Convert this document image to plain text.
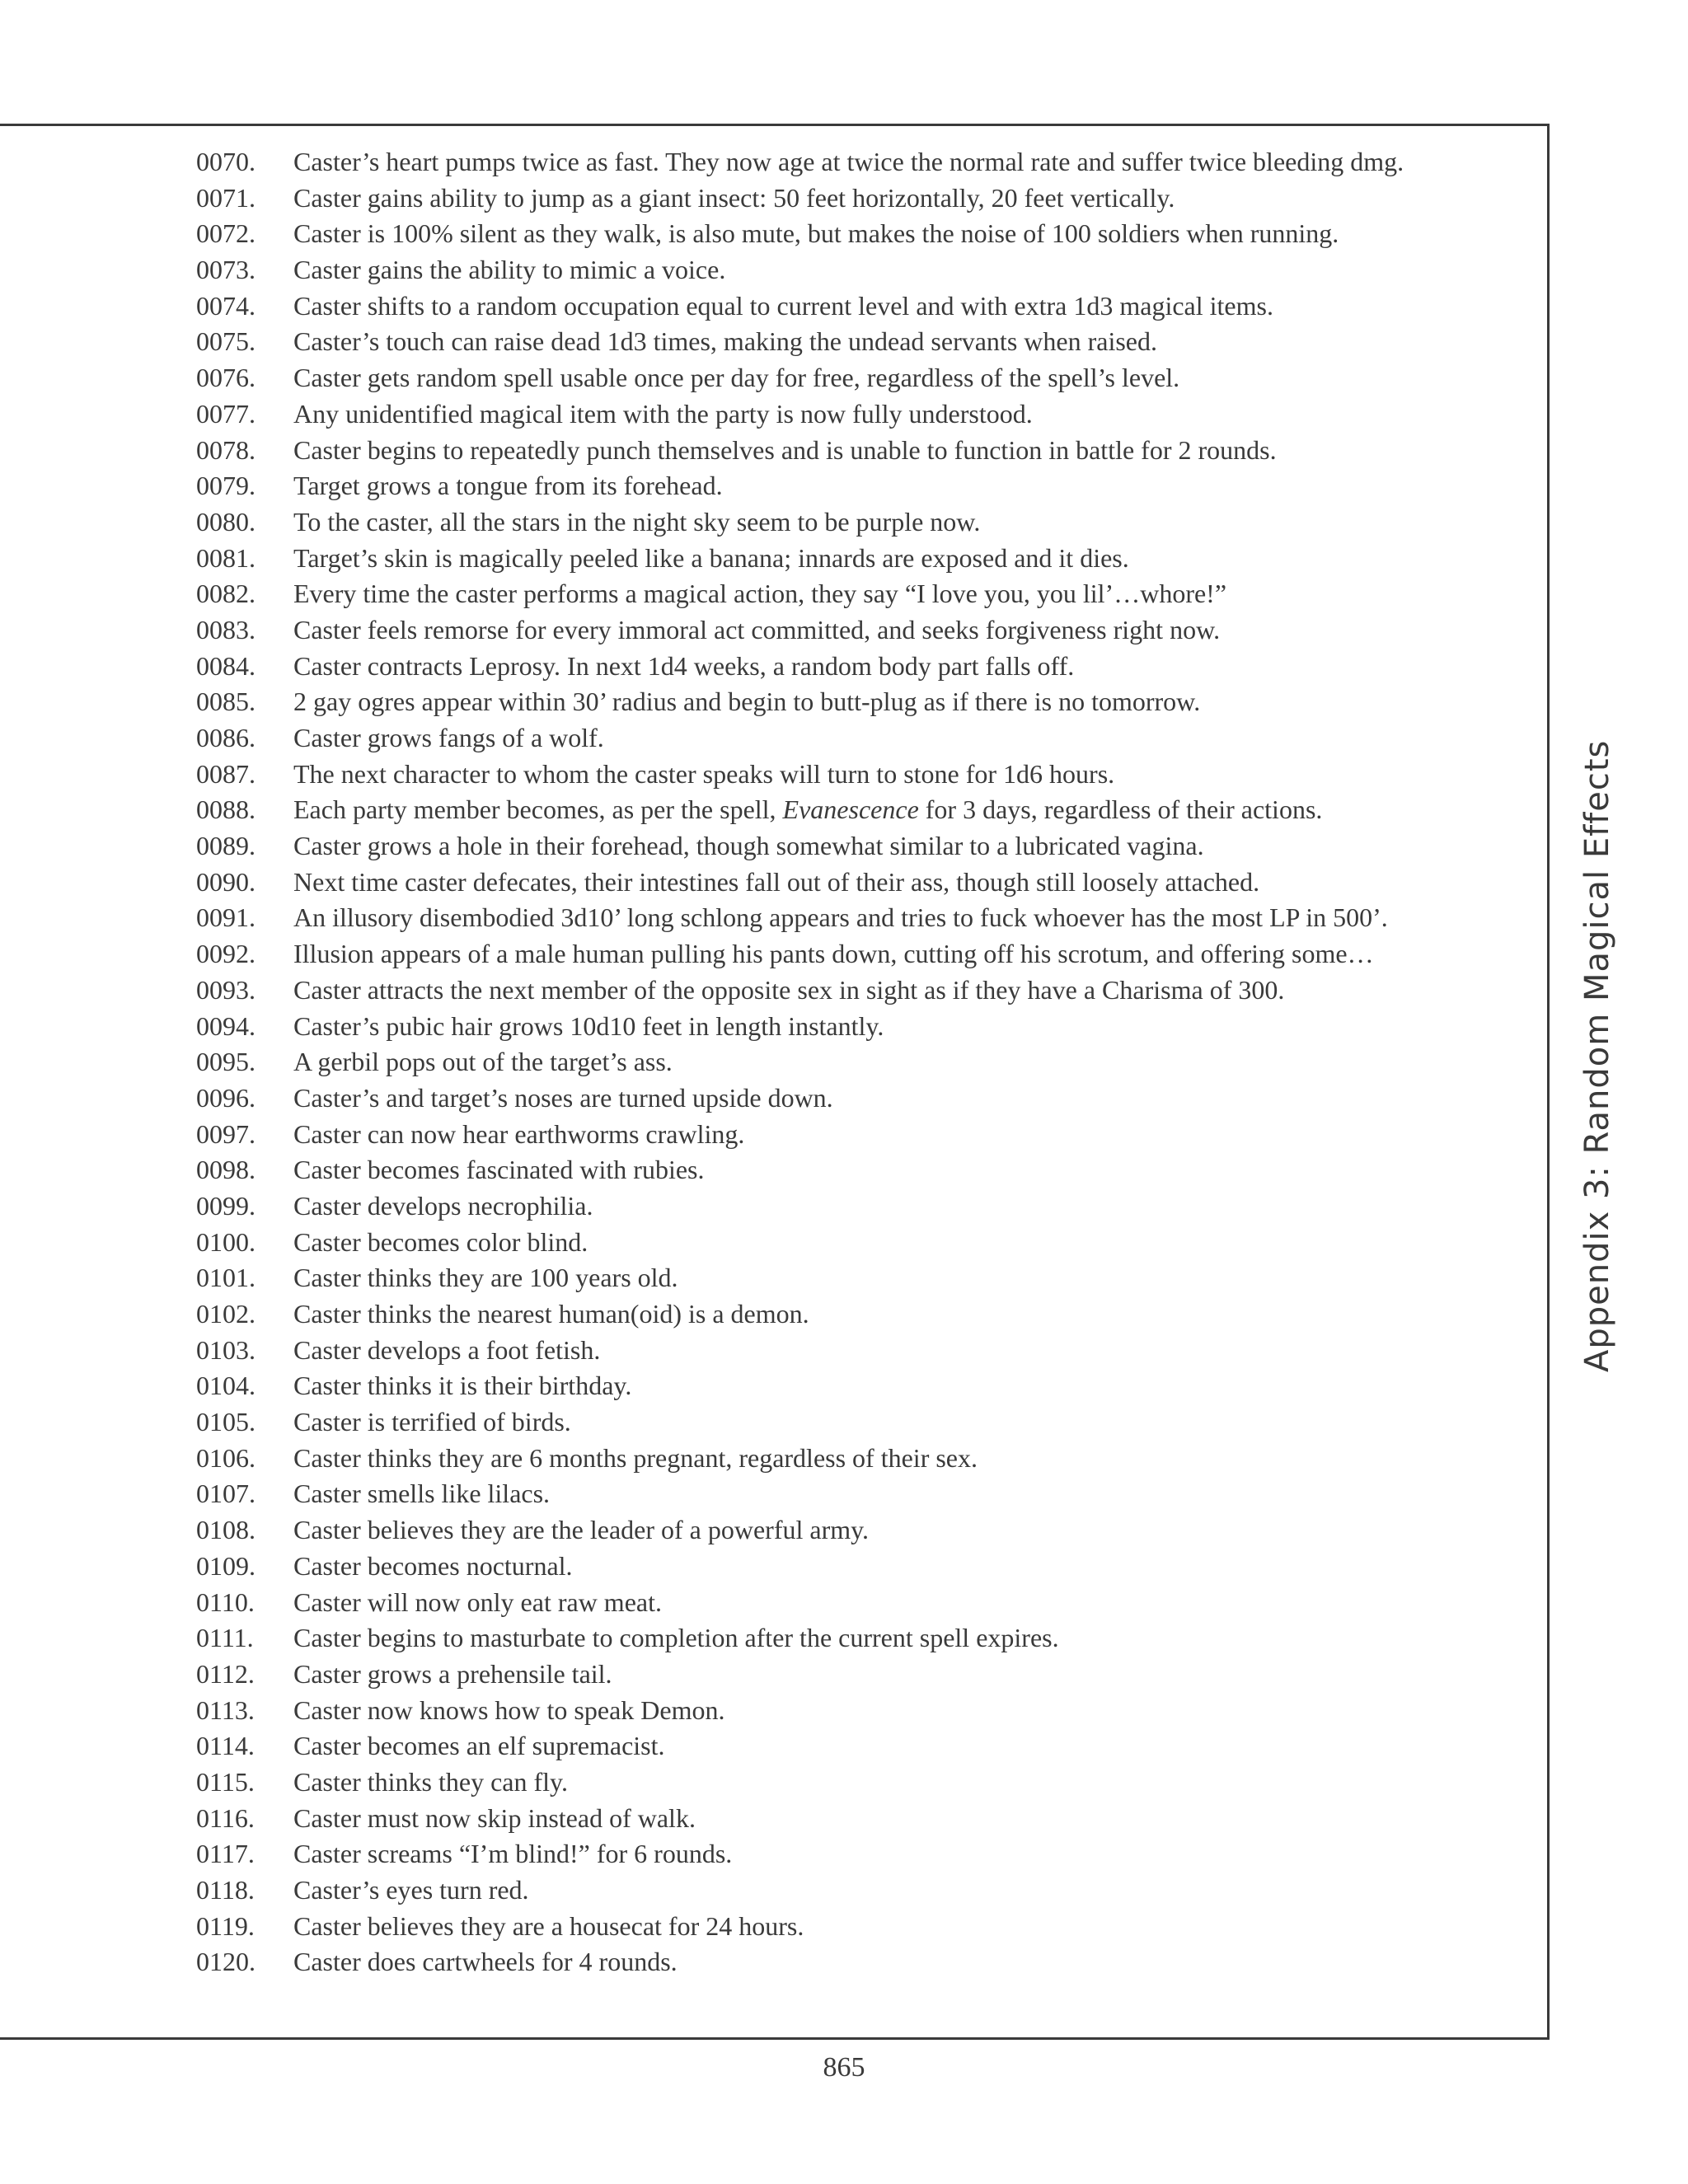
0070. Caster’s heart pumps twice as fast. They now age at twice the normal rate and suffer twice bleeding dmg.
0071. Caster gains ability to jump as a giant insect: 50 feet horizontally, 20 feet vertically.
0072. Caster is 100% silent as they walk, is also mute, but makes the noise of 100 soldiers when running.
0073. Caster gains the ability to mimic a voice.
0074. Caster shifts to a random occupation equal to current level and with extra 1d3 magical items.
0075. Caster’s touch can raise dead 1d3 times, making the undead servants when raised.
0076. Caster gets random spell usable once per day for free, regardless of the spell’s level.
0077. Any unidentified magical item with the party is now fully understood.
0078. Caster begins to repeatedly punch themselves and is unable to function in battle for 2 rounds.
0079. Target grows a tongue from its forehead.
0080. To the caster, all the stars in the night sky seem to be purple now.
0081. Target’s skin is magically peeled like a banana; innards are exposed and it dies.
0082. Every time the caster performs a magical action, they say “I love you, you lil’…whore!”
0083. Caster feels remorse for every immoral act committed, and seeks forgiveness right now.
0084. Caster contracts Leprosy. In next 1d4 weeks, a random body part falls off.
0085. 2 gay ogres appear within 30’ radius and begin to butt-plug as if there is no tomorrow.
0086. Caster grows fangs of a wolf.
0087. The next character to whom the caster speaks will turn to stone for 1d6 hours.
0088. Each party member becomes, as per the spell, Evanescence for 3 days, regardless of their actions.
0089. Caster grows a hole in their forehead, though somewhat similar to a lubricated vagina.
0090. Next time caster defecates, their intestines fall out of their ass, though still loosely attached.
0091. An illusory disembodied 3d10’ long schlong appears and tries to fuck whoever has the most LP in 500’.
0092. Illusion appears of a male human pulling his pants down, cutting off his scrotum, and offering some…
0093. Caster attracts the next member of the opposite sex in sight as if they have a Charisma of 300.
0094. Caster’s pubic hair grows 10d10 feet in length instantly.
0095. A gerbil pops out of the target’s ass.
0096. Caster’s and target’s noses are turned upside down.
0097. Caster can now hear earthworms crawling.
0098. Caster becomes fascinated with rubies.
0099. Caster develops necrophilia.
0100. Caster becomes color blind.
0101. Caster thinks they are 100 years old.
0102. Caster thinks the nearest human(oid) is a demon.
0103. Caster develops a foot fetish.
0104. Caster thinks it is their birthday.
0105. Caster is terrified of birds.
0106. Caster thinks they are 6 months pregnant, regardless of their sex.
0107. Caster smells like lilacs.
0108. Caster believes they are the leader of a powerful army.
0109. Caster becomes nocturnal.
0110. Caster will now only eat raw meat.
0111. Caster begins to masturbate to completion after the current spell expires.
0112. Caster grows a prehensile tail.
0113. Caster now knows how to speak Demon.
0114. Caster becomes an elf supremacist.
0115. Caster thinks they can fly.
0116. Caster must now skip instead of walk.
0117. Caster screams “I’m blind!” for 6 rounds.
0118. Caster’s eyes turn red.
0119. Caster believes they are a housecat for 24 hours.
0120. Caster does cartwheels for 4 rounds.
Appendix 3: Random Magical Effects
865
